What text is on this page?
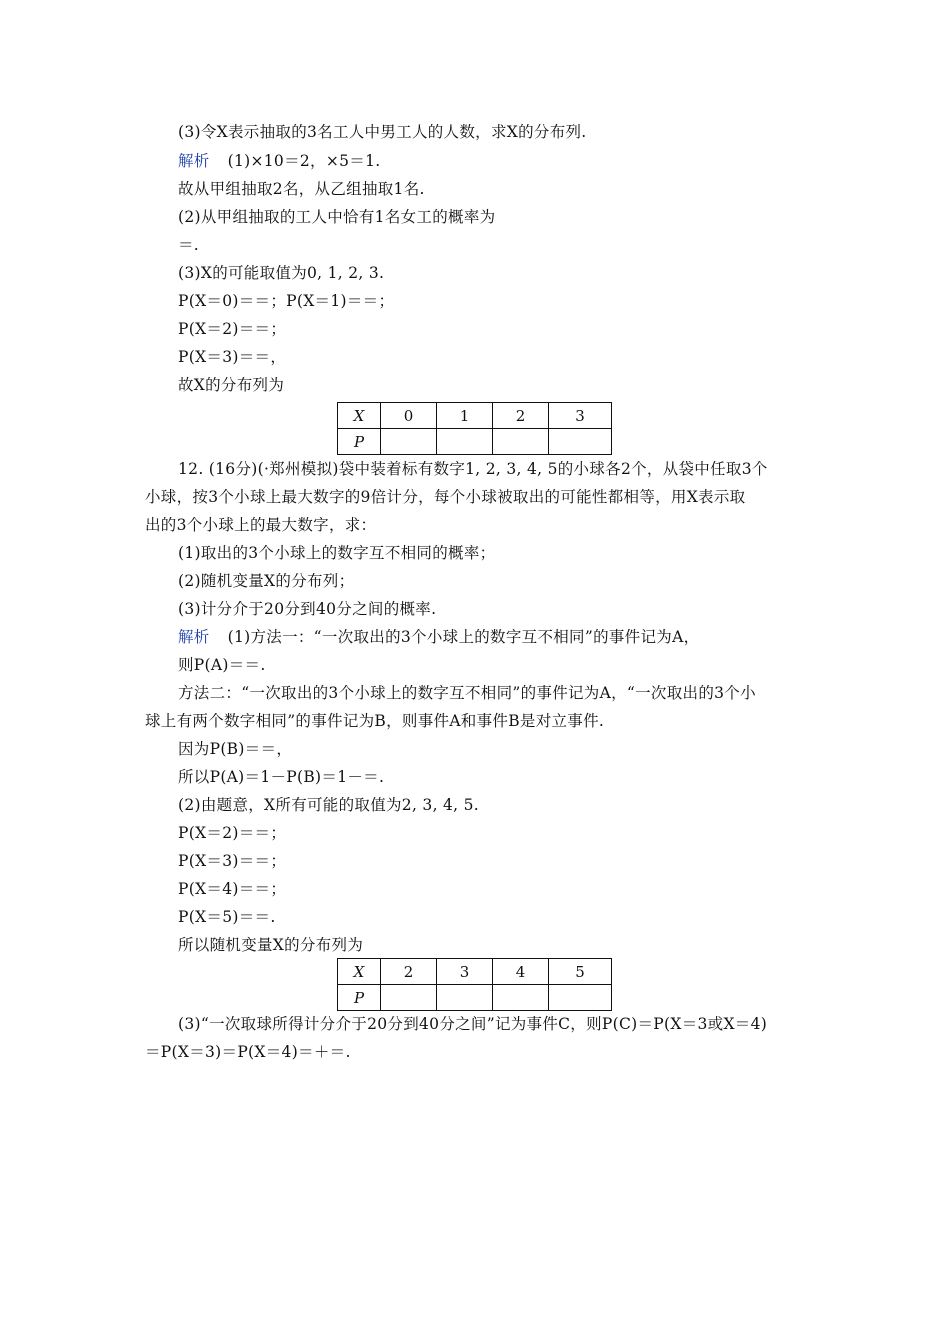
(3)令X表示抽取的3名工人中男工人的人数，求X的分布列.
解析 (1)×10＝2，×5＝1.
故从甲组抽取2名，从乙组抽取1名.
(2)从甲组抽取的工人中恰有1名女工的概率为
＝.
(3)X的可能取值为0, 1, 2, 3.
P(X＝0)＝＝；P(X＝1)＝＝；
P(X＝2)＝＝；
P(X＝3)＝＝，
故X的分布列为
X	0	1	2	3
P				
12. (16分)(·郑州模拟)袋中装着标有数字1, 2, 3, 4, 5的小球各2个，从袋中任取3个
小球，按3个小球上最大数字的9倍计分，每个小球被取出的可能性都相等，用X表示取
出的3个小球上的最大数字，求：
(1)取出的3个小球上的数字互不相同的概率；
(2)随机变量X的分布列；
(3)计分介于20分到40分之间的概率.
解析 (1)方法一：“一次取出的3个小球上的数字互不相同”的事件记为A，
则P(A)＝＝.
方法二：“一次取出的3个小球上的数字互不相同”的事件记为A，“一次取出的3个小
球上有两个数字相同”的事件记为B，则事件A和事件B是对立事件.
因为P(B)＝＝，
所以P(A)＝1－P(B)＝1－＝.
(2)由题意，X所有可能的取值为2, 3, 4, 5.
P(X＝2)＝＝；
P(X＝3)＝＝；
P(X＝4)＝＝；
P(X＝5)＝＝.
所以随机变量X的分布列为
X	2	3	4	5
P				
(3)“一次取球所得计分介于20分到40分之间”记为事件C，则P(C)＝P(X＝3或X＝4)
＝P(X＝3)＝P(X＝4)＝＋＝.
